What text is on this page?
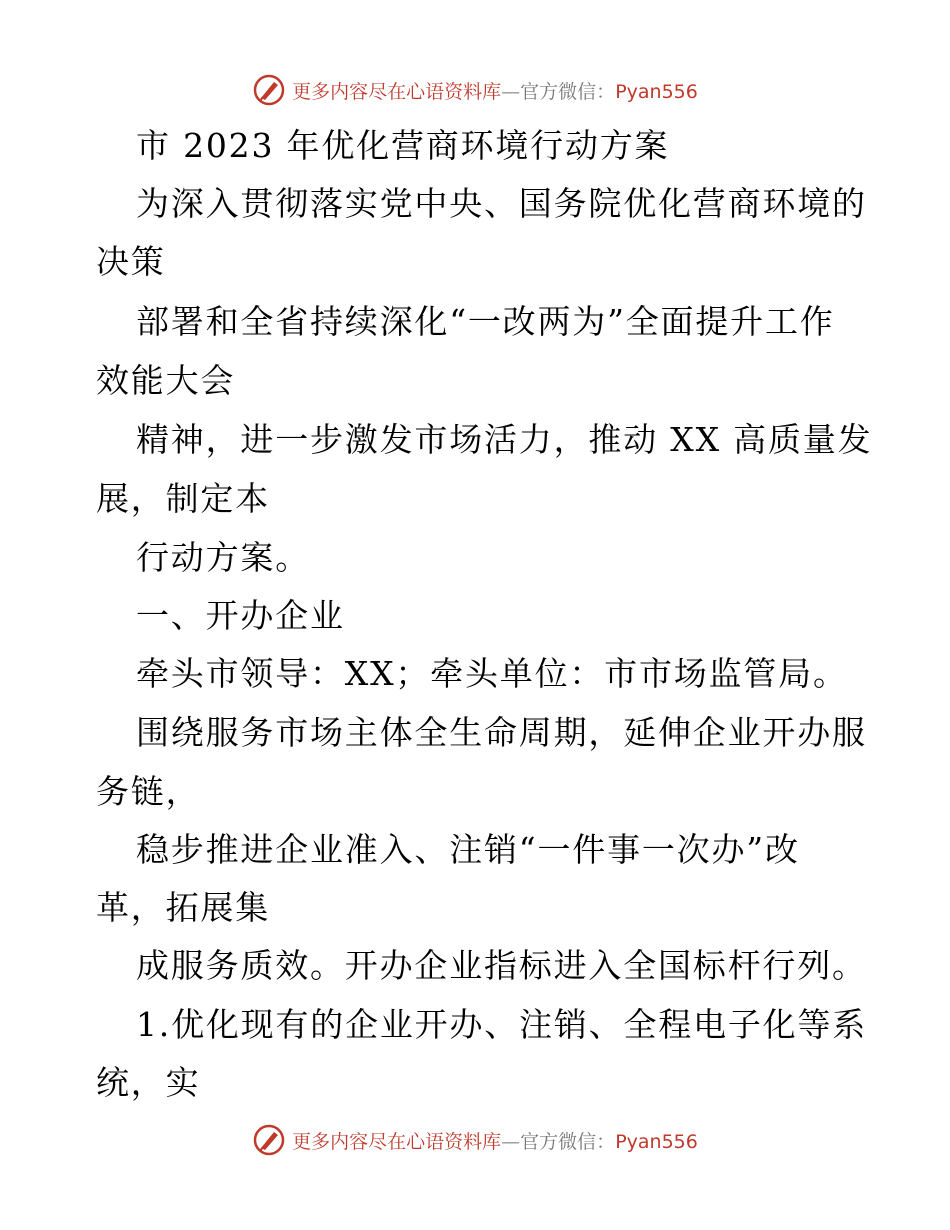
更多内容尽在心语资料库—官方微信：Pyan556
市 2023 年优化营商环境行动方案
为深入贯彻落实党中央、国务院优化营商环境的
决策
部署和全省持续深化“一改两为”全面提升工作
效能大会
精神，进一步激发市场活力，推动 XX 高质量发
展，制定本
行动方案。
一、开办企业
牵头市领导：XX；牵头单位：市市场监管局。
围绕服务市场主体全生命周期，延伸企业开办服
务链，
稳步推进企业准入、注销“一件事一次办”改
革，拓展集
成服务质效。开办企业指标进入全国标杆行列。
1.优化现有的企业开办、注销、全程电子化等系
统，实
更多内容尽在心语资料库—官方微信：Pyan556
